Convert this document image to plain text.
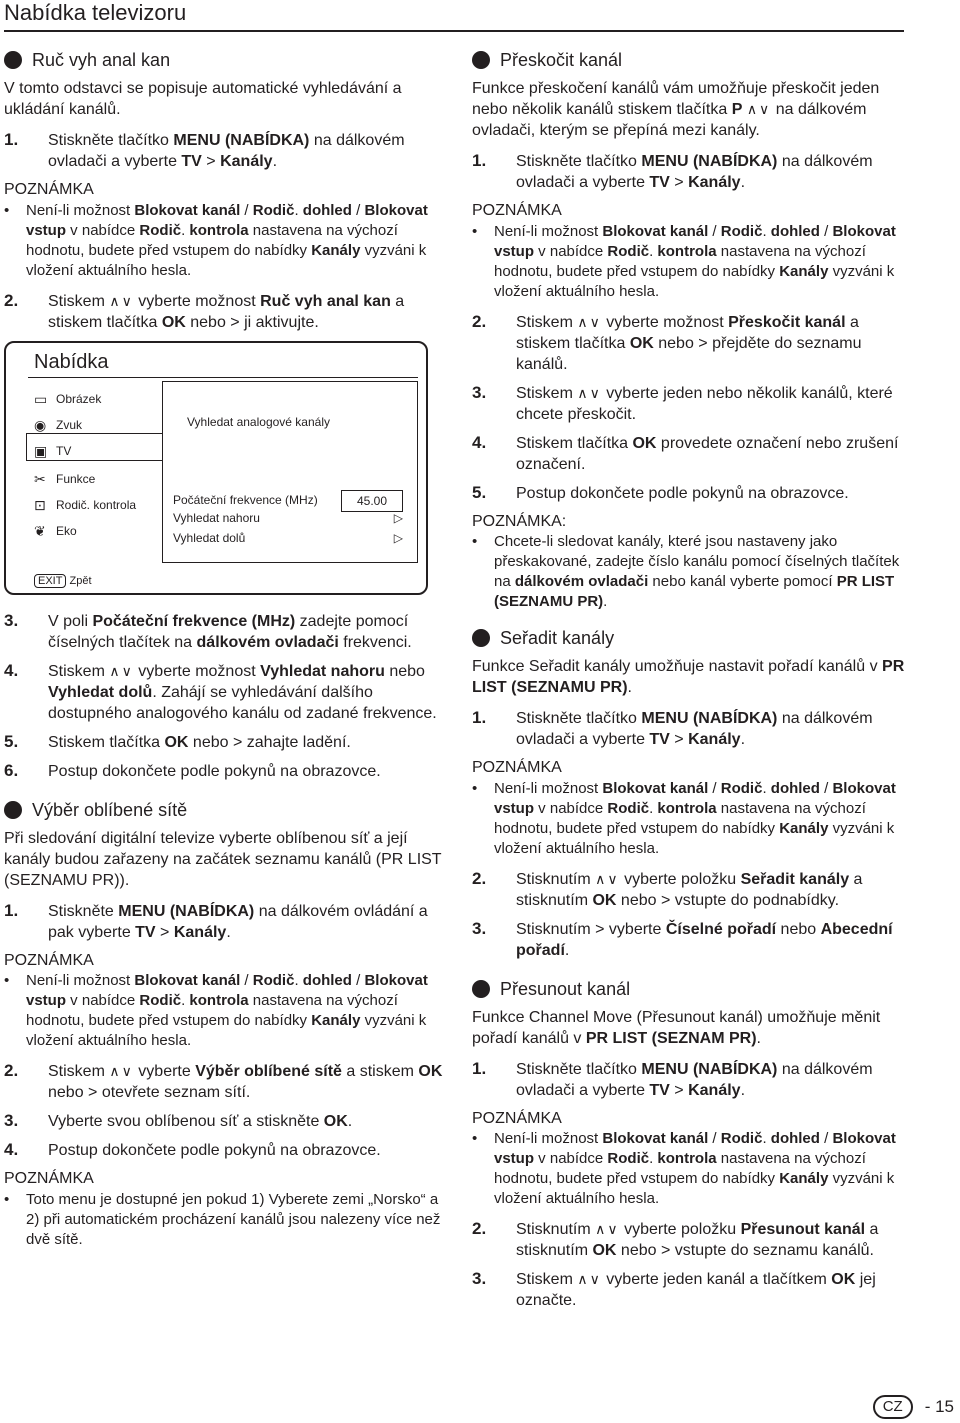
Nabídka televizoru
Ruč vyh anal kan

V tomto odstavci se popisuje automatické vyhledávání a ukládání kanálů.

1.	Stiskněte tlačítko MENU (NABÍDKA) na dálkovém ovladači a vyberte TV > Kanály.

POZNÁMKA

•	Není-li možnost Blokovat kanál / Rodič. dohled / Blokovat vstup v nabídce Rodič. kontrola nastavena na výchozí hodnotu, budete před vstupem do nabídky Kanály vyzváni k vložení aktuálního hesla.
2.	Stiskem ∧∨ vyberte možnost Ruč vyh anal kan a stiskem tlačítka OK nebo > ji aktivujte.
Nabídka
▭ Obrázek
◉ Zvuk
▣ TV
✂ Funkce
⊡ Rodič. kontrola
❦ Eko
Vyhledat analogové kanály
Počáteční frekvence (MHz)	45.00
Vyhledat nahoru	▷
Vyhledat dolů	▷
EXIT Zpět
3.	V poli Počáteční frekvence (MHz) zadejte pomocí číselných tlačítek na dálkovém ovladači frekvenci.
4.	Stiskem ∧∨ vyberte možnost Vyhledat nahoru nebo Vyhledat dolů. Zahájí se vyhledávání dalšího dostupného analogového kanálu od zadané frekvence.
5.	Stiskem tlačítka OK nebo > zahajte ladění.
6.	Postup dokončete podle pokynů na obrazovce.
Výběr oblíbené sítě

Při sledování digitální televize vyberte oblíbenou síť a její kanály budou zařazeny na začátek seznamu kanálů (PR LIST (SEZNAMU PR)).

1.	Stiskněte MENU (NABÍDKA) na dálkovém ovládání a pak vyberte TV > Kanály.

POZNÁMKA

•	Není-li možnost Blokovat kanál / Rodič. dohled / Blokovat vstup v nabídce Rodič. kontrola nastavena na výchozí hodnotu, budete před vstupem do nabídky Kanály vyzváni k vložení aktuálního hesla.
2.	Stiskem ∧∨ vyberte Výběr oblíbené sítě a stiskem OK nebo > otevřete seznam sítí.
3.	Vyberte svou oblíbenou síť a stiskněte OK.
4.	Postup dokončete podle pokynů na obrazovce.

POZNÁMKA

•	Toto menu je dostupné jen pokud 1) Vyberete zemi „Norsko“ a 2) při automatickém procházení kanálů jsou nalezeny více než dvě sítě.
Přeskočit kanál

Funkce přeskočení kanálů vám umožňuje přeskočit jeden nebo několik kanálů stiskem tlačítka P ∧∨ na dálkovém ovladači, kterým se přepíná mezi kanály.

1.	Stiskněte tlačítko MENU (NABÍDKA) na dálkovém ovladači a vyberte TV > Kanály.

POZNÁMKA

•	Není-li možnost Blokovat kanál / Rodič. dohled / Blokovat vstup v nabídce Rodič. kontrola nastavena na výchozí hodnotu, budete před vstupem do nabídky Kanály vyzváni k vložení aktuálního hesla.
2.	Stiskem ∧∨ vyberte možnost Přeskočit kanál a stiskem tlačítka OK nebo > přejděte do seznamu kanálů.
3.	Stiskem ∧∨ vyberte jeden nebo několik kanálů, které chcete přeskočit.
4.	Stiskem tlačítka OK provedete označení nebo zrušení označení.
5.	Postup dokončete podle pokynů na obrazovce.

POZNÁMKA:

•	Chcete-li sledovat kanály, které jsou nastaveny jako přeskakované, zadejte číslo kanálu pomocí číselných tlačítek na dálkovém ovladači nebo kanál vyberte pomocí PR LIST (SEZNAMU PR).
Seřadit kanály

Funkce Seřadit kanály umožňuje nastavit pořadí kanálů v PR LIST (SEZNAMU PR).

1.	Stiskněte tlačítko MENU (NABÍDKA) na dálkovém ovladači a vyberte TV > Kanály.

POZNÁMKA

•	Není-li možnost Blokovat kanál / Rodič. dohled / Blokovat vstup v nabídce Rodič. kontrola nastavena na výchozí hodnotu, budete před vstupem do nabídky Kanály vyzváni k vložení aktuálního hesla.
2.	Stisknutím ∧∨ vyberte položku Seřadit kanály a stisknutím OK nebo > vstupte do podnabídky.
3.	Stisknutím > vyberte Číselné pořadí nebo Abecední pořadí.
Přesunout kanál

Funkce Channel Move (Přesunout kanál) umožňuje měnit pořadí kanálů v PR LIST (SEZNAM PR).

1.	Stiskněte tlačítko MENU (NABÍDKA) na dálkovém ovladači a vyberte TV > Kanály.

POZNÁMKA

•	Není-li možnost Blokovat kanál / Rodič. dohled / Blokovat vstup v nabídce Rodič. kontrola nastavena na výchozí hodnotu, budete před vstupem do nabídky Kanály vyzváni k vložení aktuálního hesla.
2.	Stisknutím ∧∨ vyberte položku Přesunout kanál a stisknutím OK nebo > vstupte do seznamu kanálů.
3.	Stiskem ∧∨ vyberte jeden kanál a tlačítkem OK jej označte.
CZ	- 15
